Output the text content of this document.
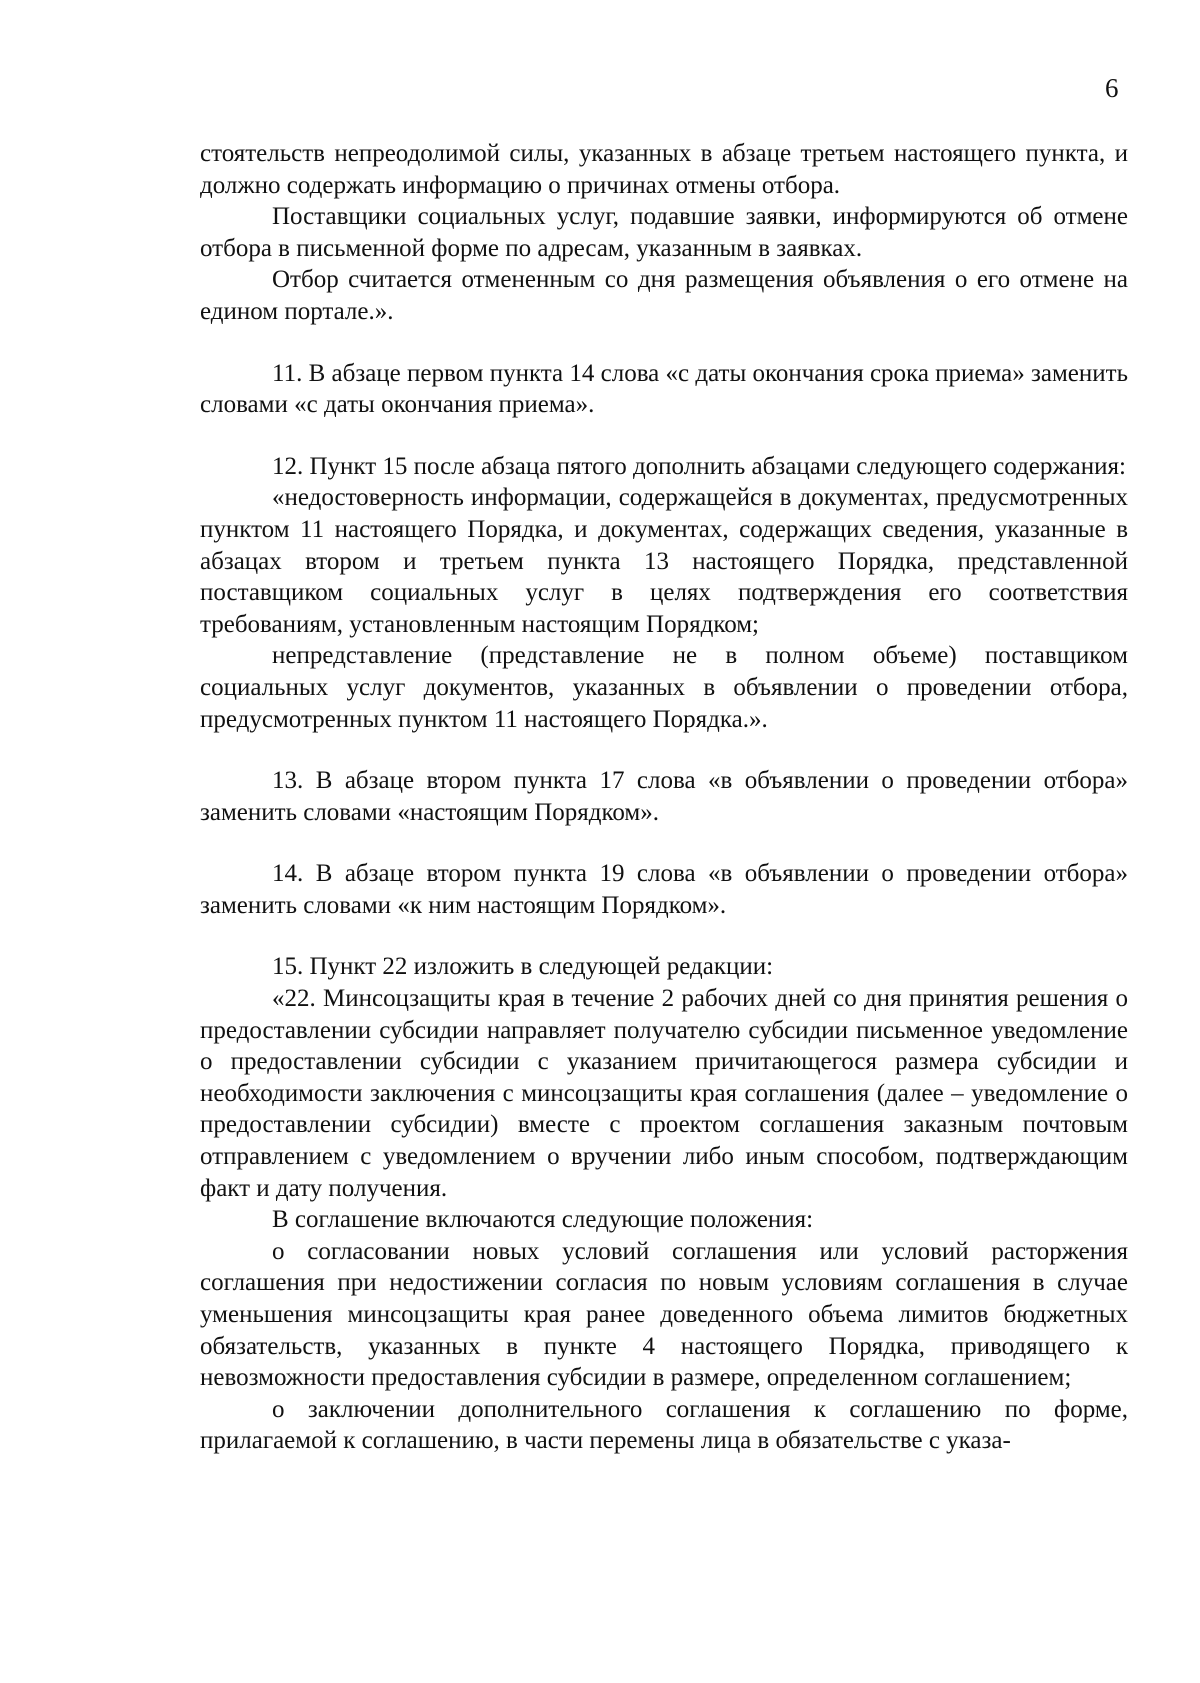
6

стоятельств непреодолимой силы, указанных в абзаце третьем настоящего пункта, и должно содержать информацию о причинах отмены отбора.

Поставщики социальных услуг, подавшие заявки, информируются об отмене отбора в письменной форме по адресам, указанным в заявках.

Отбор считается отмененным со дня размещения объявления о его отмене на едином портале.».

11. В абзаце первом пункта 14 слова «с даты окончания срока приема» заменить словами «с даты окончания приема».

12. Пункт 15 после абзаца пятого дополнить абзацами следующего содержания:

«недостоверность информации, содержащейся в документах, предусмотренных пунктом 11 настоящего Порядка, и документах, содержащих сведения, указанные в абзацах втором и третьем пункта 13 настоящего Порядка, представленной поставщиком социальных услуг в целях подтверждения его соответствия требованиям, установленным настоящим Порядком;

непредставление (представление не в полном объеме) поставщиком социальных услуг документов, указанных в объявлении о проведении отбора, предусмотренных пунктом 11 настоящего Порядка.».

13. В абзаце втором пункта 17 слова «в объявлении о проведении отбора» заменить словами «настоящим Порядком».

14. В абзаце втором пункта 19 слова «в объявлении о проведении отбора» заменить словами «к ним настоящим Порядком».

15. Пункт 22 изложить в следующей редакции:

«22. Минсоцзащиты края в течение 2 рабочих дней со дня принятия решения о предоставлении субсидии направляет получателю субсидии письменное уведомление о предоставлении субсидии с указанием причитающегося размера субсидии и необходимости заключения с минсоцзащиты края соглашения (далее – уведомление о предоставлении субсидии) вместе с проектом соглашения заказным почтовым отправлением с уведомлением о вручении либо иным способом, подтверждающим факт и дату получения.

В соглашение включаются следующие положения:

о согласовании новых условий соглашения или условий расторжения соглашения при недостижении согласия по новым условиям соглашения в случае уменьшения минсоцзащиты края ранее доведенного объема лимитов бюджетных обязательств, указанных в пункте 4 настоящего Порядка, приводящего к невозможности предоставления субсидии в размере, определенном соглашением;

о заключении дополнительного соглашения к соглашению по форме, прилагаемой к соглашению, в части перемены лица в обязательстве с указа-
